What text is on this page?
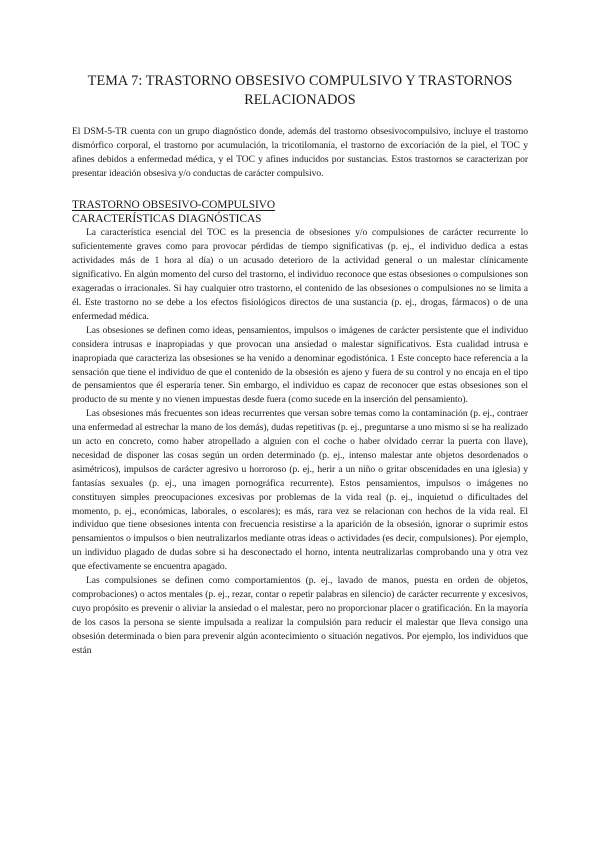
TEMA 7: TRASTORNO OBSESIVO COMPULSIVO Y TRASTORNOS RELACIONADOS

El DSM-5-TR cuenta con un grupo diagnóstico donde, además del trastorno obsesivocompulsivo, incluye el trastorno dismórfico corporal, el trastorno por acumulación, la tricotilomanía, el trastorno de excoriación de la piel, el TOC y afines debidos a enfermedad médica, y el TOC y afines inducidos por sustancias. Estos trastornos se caracterizan por presentar ideación obsesiva y/o conductas de carácter compulsivo.

TRASTORNO OBSESIVO-COMPULSIVO

CARACTERÍSTICAS DIAGNÓSTICAS

La característica esencial del TOC es la presencia de obsesiones y/o compulsiones de carácter recurrente lo suficientemente graves como para provocar pérdidas de tiempo significativas (p. ej., el individuo dedica a estas actividades más de 1 hora al día) o un acusado deterioro de la actividad general o un malestar clínicamente significativo. En algún momento del curso del trastorno, el individuo reconoce que estas obsesiones o compulsiones son exageradas o irracionales. Si hay cualquier otro trastorno, el contenido de las obsesiones o compulsiones no se limita a él. Este trastorno no se debe a los efectos fisiológicos directos de una sustancia (p. ej., drogas, fármacos) o de una enfermedad médica.

Las obsesiones se definen como ideas, pensamientos, impulsos o imágenes de carácter persistente que el individuo considera intrusas e inapropiadas y que provocan una ansiedad o malestar significativos. Esta cualidad intrusa e inapropiada que caracteriza las obsesiones se ha venido a denominar egodistónica. 1 Este concepto hace referencia a la sensación que tiene el individuo de que el contenido de la obsesión es ajeno y fuera de su control y no encaja en el tipo de pensamientos que él esperaría tener. Sin embargo, el individuo es capaz de reconocer que estas obsesiones son el producto de su mente y no vienen impuestas desde fuera (como sucede en la inserción del pensamiento).

Las obsesiones más frecuentes son ideas recurrentes que versan sobre temas como la contaminación (p. ej., contraer una enfermedad al estrechar la mano de los demás), dudas repetitivas (p. ej., preguntarse a uno mismo si se ha realizado un acto en concreto, como haber atropellado a alguien con el coche o haber olvidado cerrar la puerta con llave), necesidad de disponer las cosas según un orden determinado (p. ej., intenso malestar ante objetos desordenados o asimétricos), impulsos de carácter agresivo u horroroso (p. ej., herir a un niño o gritar obscenidades en una iglesia) y fantasías sexuales (p. ej., una imagen pornográfica recurrente). Estos pensamientos, impulsos o imágenes no constituyen simples preocupaciones excesivas por problemas de la vida real (p. ej., inquietud o dificultades del momento, p. ej., económicas, laborales, o escolares); es más, rara vez se relacionan con hechos de la vida real. El individuo que tiene obsesiones intenta con frecuencia resistirse a la aparición de la obsesión, ignorar o suprimir estos pensamientos o impulsos o bien neutralizarlos mediante otras ideas o actividades (es decir, compulsiones). Por ejemplo, un individuo plagado de dudas sobre si ha desconectado el horno, intenta neutralizarlas comprobando una y otra vez que efectivamente se encuentra apagado.

Las compulsiones se definen como comportamientos (p. ej., lavado de manos, puesta en orden de objetos, comprobaciones) o actos mentales (p. ej., rezar, contar o repetir palabras en silencio) de carácter recurrente y excesivos, cuyo propósito es prevenir o aliviar la ansiedad o el malestar, pero no proporcionar placer o gratificación. En la mayoría de los casos la persona se siente impulsada a realizar la compulsión para reducir el malestar que lleva consigo una obsesión determinada o bien para prevenir algún acontecimiento o situación negativos. Por ejemplo, los individuos que están
